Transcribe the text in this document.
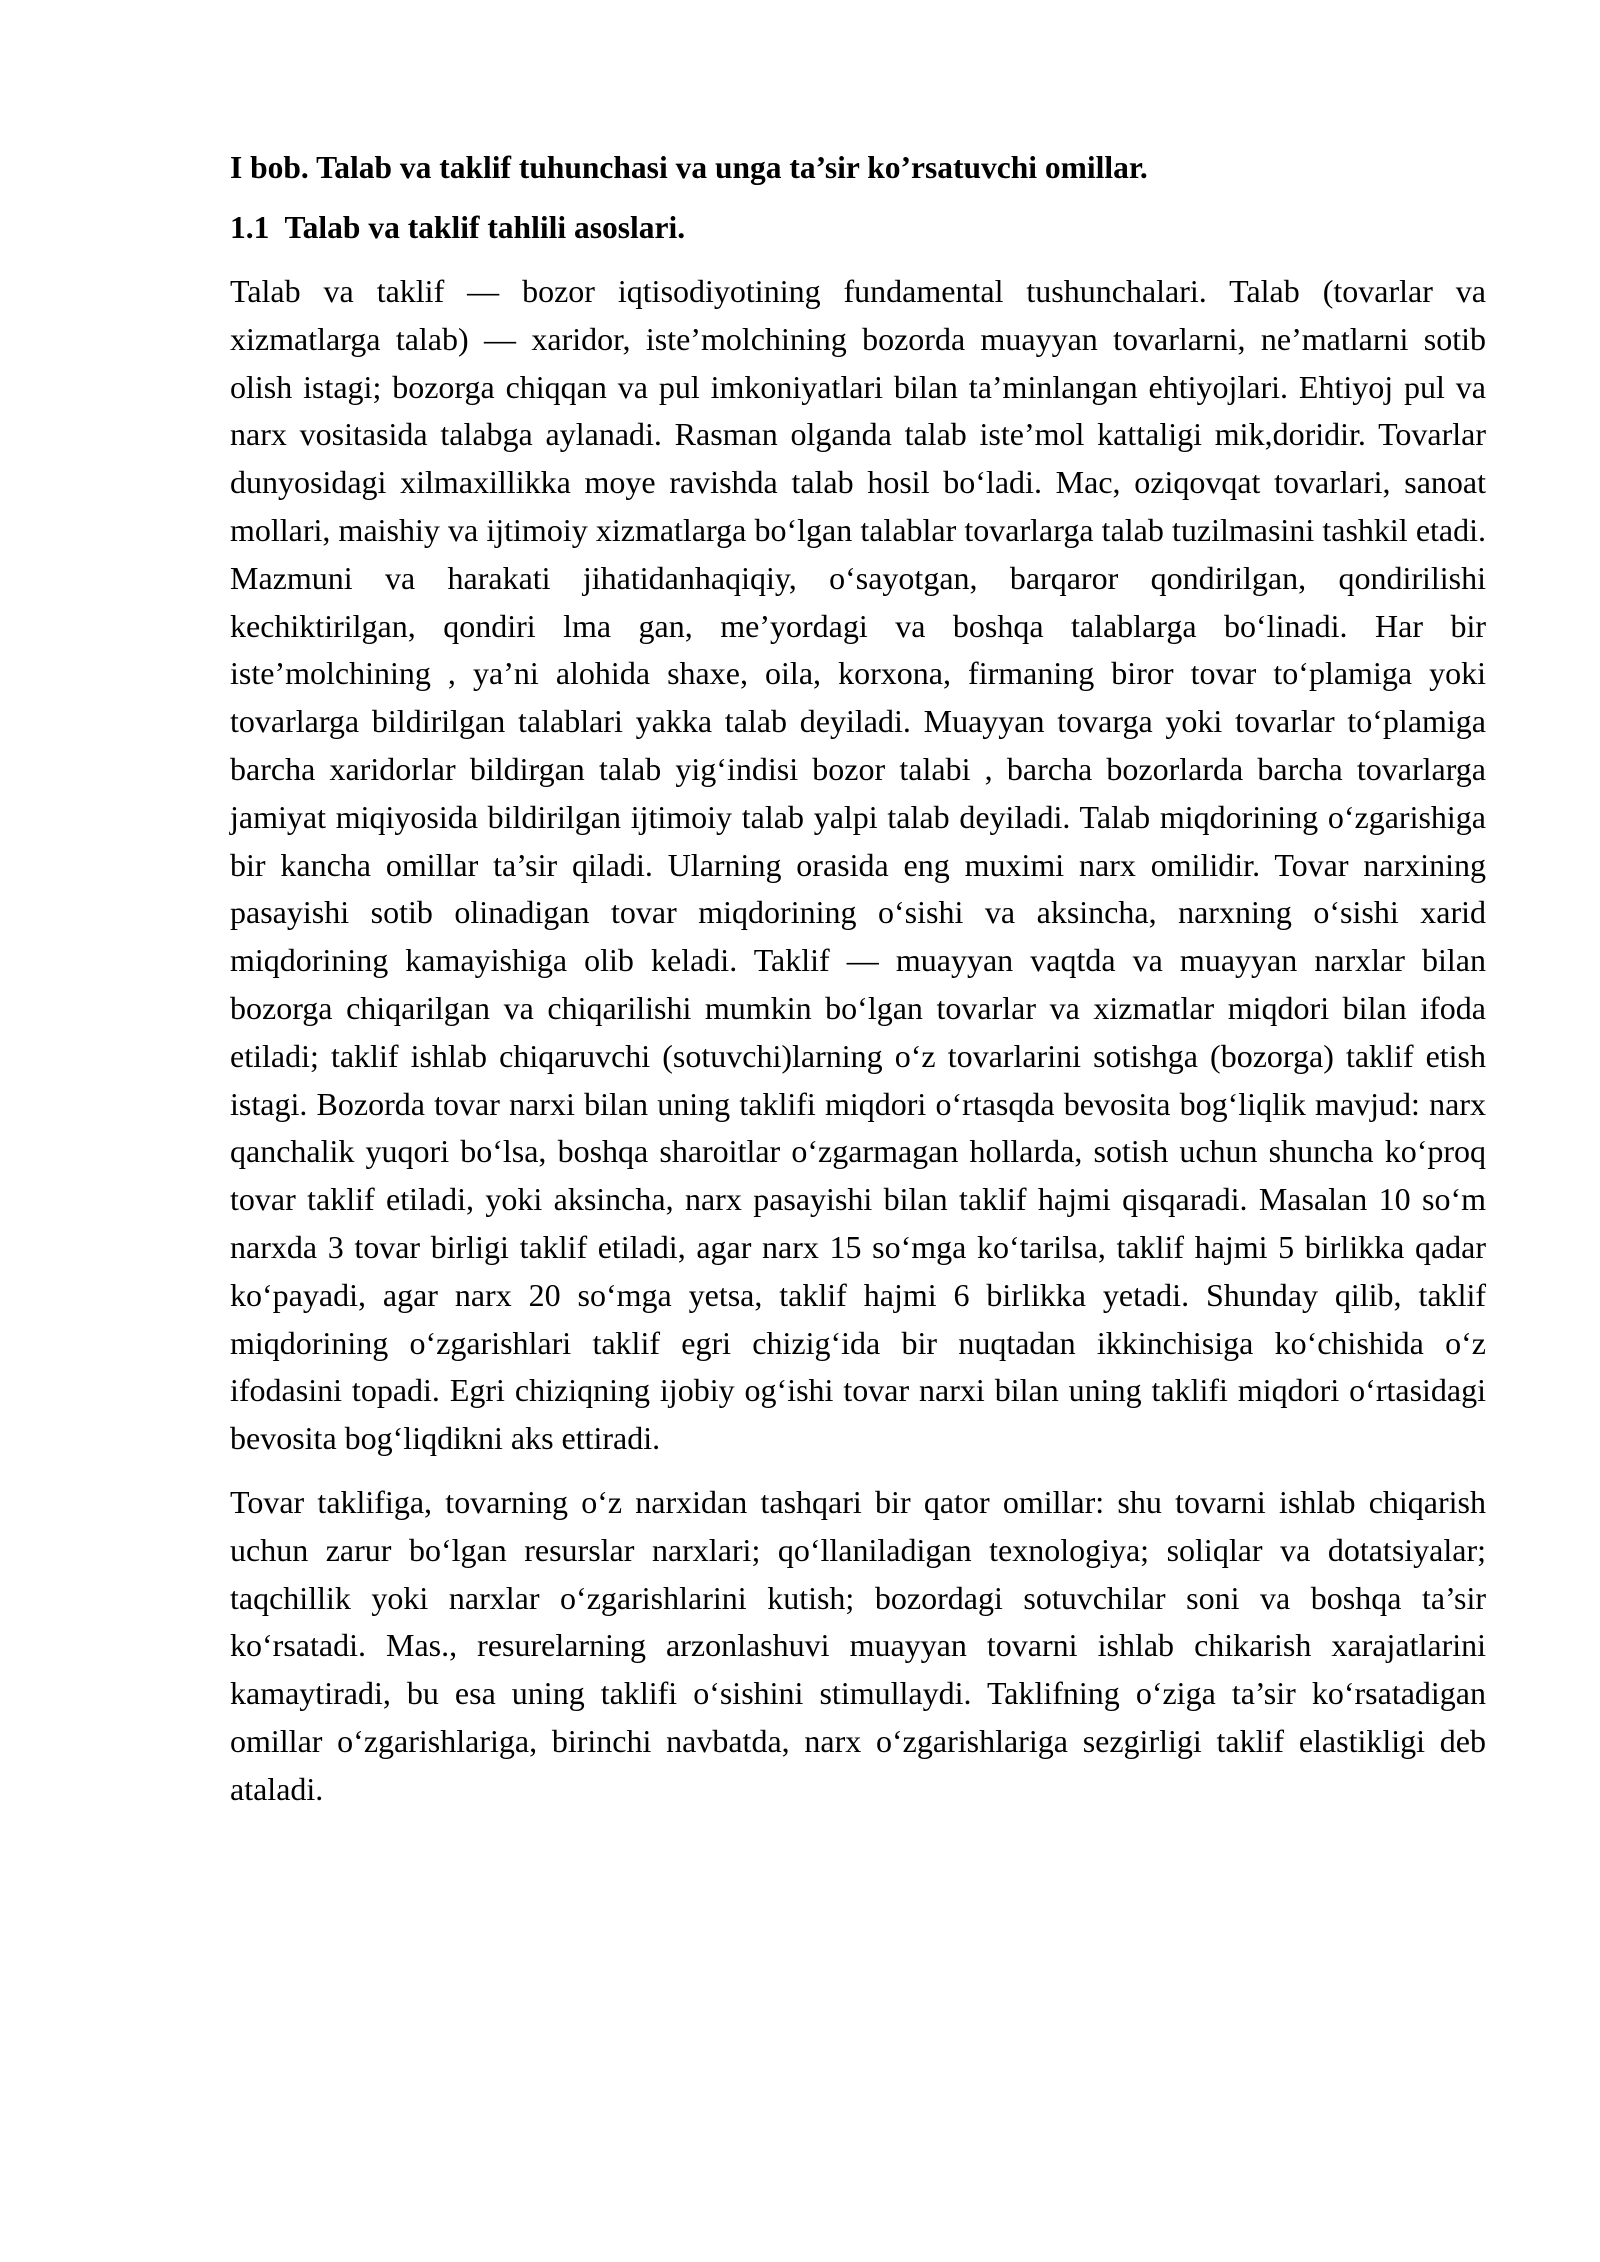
I bob. Talab va taklif tuhunchasi va unga ta’sir ko’rsatuvchi omillar.
1.1  Talab va taklif tahlili asoslari.

Talab va taklif — bozor iqtisodiyotining fundamental tushunchalari. Talab (tovarlar va xizmatlarga talab) — xaridor, iste’molchining bozorda muayyan tovarlarni, ne’matlarni sotib olish istagi; bozorga chiqqan va pul imkoniyatlari bilan ta’minlangan ehtiyojlari. Ehtiyoj pul va narx vositasida talabga aylanadi. Rasman olganda talab iste’mol kattaligi mik,doridir. Tovarlar dunyosidagi xilmaxillikka moye ravishda talab hosil boʻladi. Mac, oziqovqat tovarlari, sanoat mollari, maishiy va ijtimoiy xizmatlarga boʻlgan talablar tovarlarga talab tuzilmasini tashkil etadi. Mazmuni va harakati jihatidanhaqiqiy, oʻsayotgan, barqaror qondirilgan, qondirilishi kechiktirilgan, qondiri lma gan, me’yordagi va boshqa talablarga boʻlinadi. Har bir iste’molchining , ya’ni alohida shaxe, oila, korxona, firmaning biror tovar toʻplamiga yoki tovarlarga bildirilgan talablari yakka talab deyiladi. Muayyan tovarga yoki tovarlar toʻplamiga barcha xaridorlar bildirgan talab yigʻindisi bozor talabi , barcha bozorlarda barcha tovarlarga jamiyat miqiyosida bildirilgan ijtimoiy talab yalpi talab deyiladi. Talab miqdorining oʻzgarishiga bir kancha omillar ta’sir qiladi. Ularning orasida eng muximi narx omilidir. Tovar narxining pasayishi sotib olinadigan tovar miqdorining oʻsishi va aksincha, narxning oʻsishi xarid miqdorining kamayishiga olib keladi. Taklif — muayyan vaqtda va muayyan narxlar bilan bozorga chiqarilgan va chiqarilishi mumkin boʻlgan tovarlar va xizmatlar miqdori bilan ifoda etiladi; taklif ishlab chiqaruvchi (sotuvchi)larning oʻz tovarlarini sotishga (bozorga) taklif etish istagi. Bozorda tovar narxi bilan uning taklifi miqdori oʻrtasqda bevosita bogʻliqlik mavjud: narx qanchalik yuqori boʻlsa, boshqa sharoitlar oʻzgarmagan hollarda, sotish uchun shuncha koʻproq tovar taklif etiladi, yoki aksincha, narx pasayishi bilan taklif hajmi qisqaradi. Masalan 10 soʻm narxda 3 tovar birligi taklif etiladi, agar narx 15 soʻmga koʻtarilsa, taklif hajmi 5 birlikka qadar koʻpayadi, agar narx 20 soʻmga yetsa, taklif hajmi 6 birlikka yetadi. Shunday qilib, taklif miqdorining oʻzgarishlari taklif egri chizigʻida bir nuqtadan ikkinchisiga koʻchishida oʻz ifodasini topadi. Egri chiziqning ijobiy ogʻishi tovar narxi bilan uning taklifi miqdori oʻrtasidagi bevosita bogʻliqdikni aks ettiradi.

Tovar taklifiga, tovarning oʻz narxidan tashqari bir qator omillar: shu tovarni ishlab chiqarish uchun zarur boʻlgan resurslar narxlari; qoʻllaniladigan texnologiya; soliqlar va dotatsiyalar; taqchillik yoki narxlar oʻzgarishlarini kutish; bozordagi sotuvchilar soni va boshqa ta’sir koʻrsatadi. Mas., resurelarning arzonlashuvi muayyan tovarni ishlab chikarish xarajatlarini kamaytiradi, bu esa uning taklifi oʻsishini stimullaydi. Taklifning oʻziga ta’sir koʻrsatadigan omillar oʻzgarishlariga, birinchi navbatda, narx oʻzgarishlariga sezgirligi taklif elastikligi deb ataladi.
